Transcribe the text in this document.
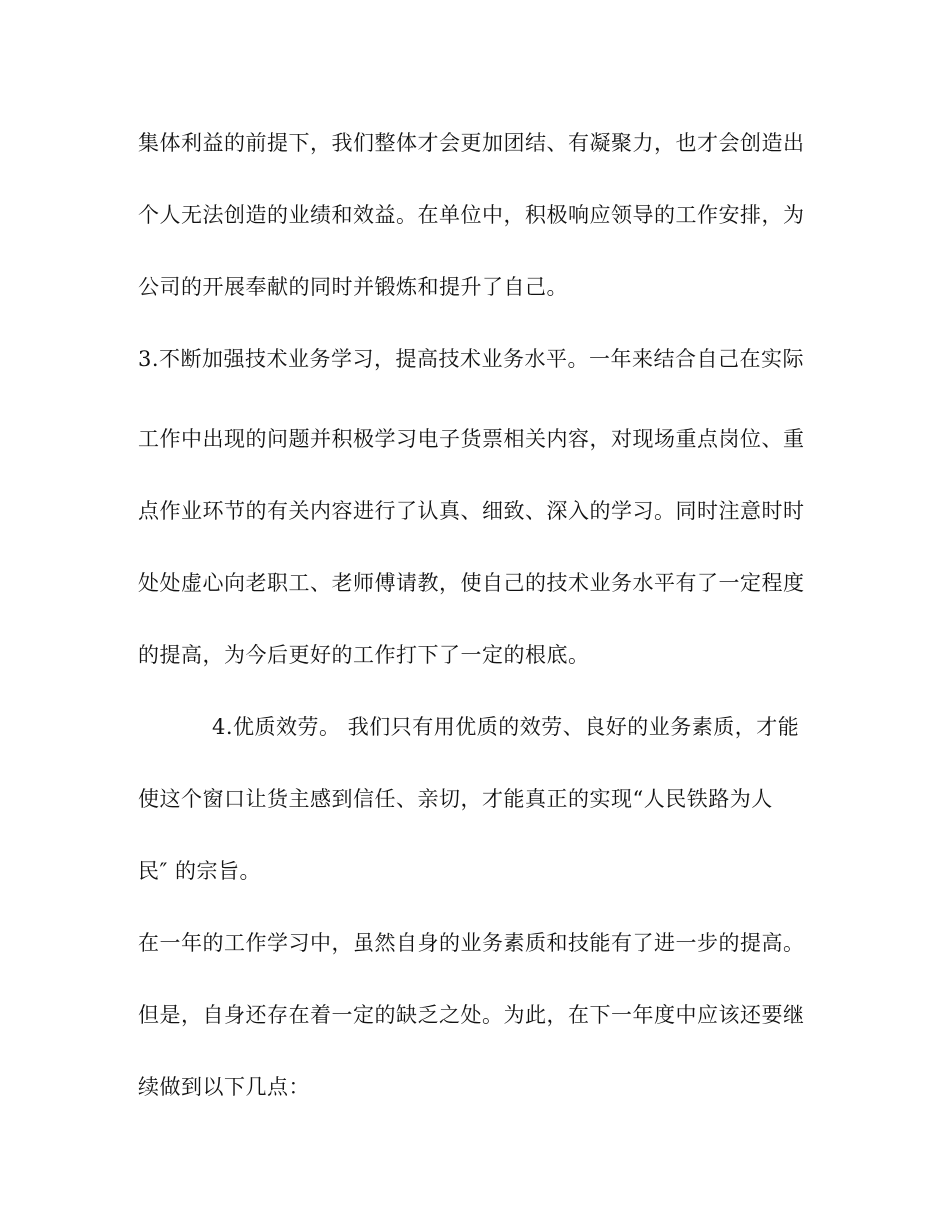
集体利益的前提下，我们整体才会更加团结、有凝聚力，也才会创造出
个人无法创造的业绩和效益。在单位中，积极响应领导的工作安排，为
公司的开展奉献的同时并锻炼和提升了自己。
3.不断加强技术业务学习，提高技术业务水平。一年来结合自己在实际
工作中出现的问题并积极学习电子货票相关内容，对现场重点岗位、重
点作业环节的有关内容进行了认真、细致、深入的学习。同时注意时时
处处虚心向老职工、老师傅请教，使自己的技术业务水平有了一定程度
的提高，为今后更好的工作打下了一定的根底。
4.优质效劳。 我们只有用优质的效劳、良好的业务素质，才能
使这个窗口让货主感到信任、亲切，才能真正的实现“人民铁路为人
民″ 的宗旨。
在一年的工作学习中，虽然自身的业务素质和技能有了进一步的提高。
但是，自身还存在着一定的缺乏之处。为此，在下一年度中应该还要继
续做到以下几点：
